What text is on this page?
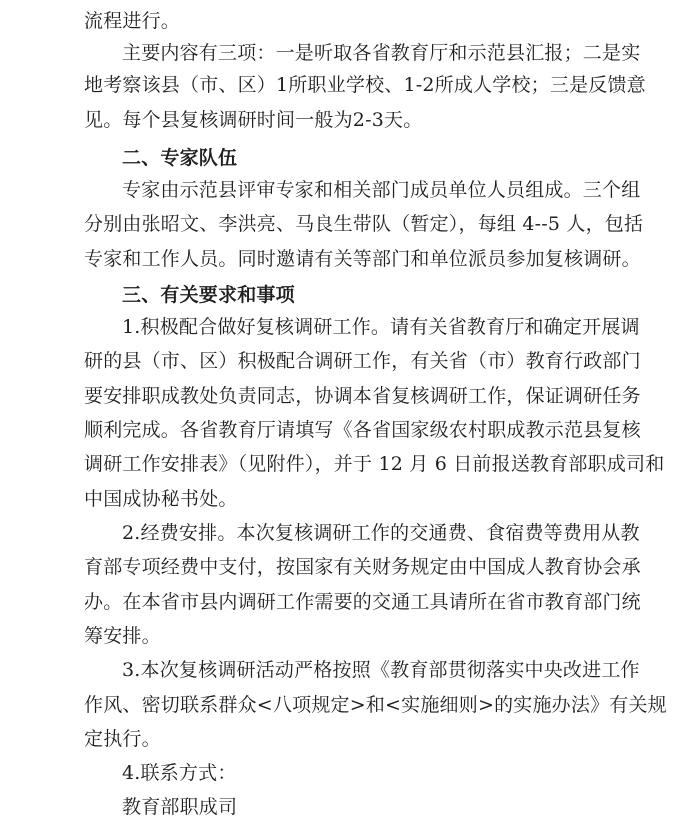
流程进行。
主要内容有三项：一是听取各省教育厅和示范县汇报；二是实
地考察该县（市、区）1所职业学校、1-2所成人学校；三是反馈意
见。每个县复核调研时间一般为2-3天。
二、专家队伍
专家由示范县评审专家和相关部门成员单位人员组成。三个组
分别由张昭文、李洪亮、马良生带队（暂定），每组 4--5 人，包括
专家和工作人员。同时邀请有关等部门和单位派员参加复核调研。
三、有关要求和事项
1.积极配合做好复核调研工作。请有关省教育厅和确定开展调
研的县（市、区）积极配合调研工作，有关省（市）教育行政部门
要安排职成教处负责同志，协调本省复核调研工作，保证调研任务
顺利完成。各省教育厅请填写《各省国家级农村职成教示范县复核
调研工作安排表》（见附件），并于 12 月 6 日前报送教育部职成司和
中国成协秘书处。
2.经费安排。本次复核调研工作的交通费、食宿费等费用从教
育部专项经费中支付，按国家有关财务规定由中国成人教育协会承
办。在本省市县内调研工作需要的交通工具请所在省市教育部门统
筹安排。
3.本次复核调研活动严格按照《教育部贯彻落实中央改进工作
作风、密切联系群众<八项规定>和<实施细则>的实施办法》有关规
定执行。
4.联系方式：
教育部职成司
